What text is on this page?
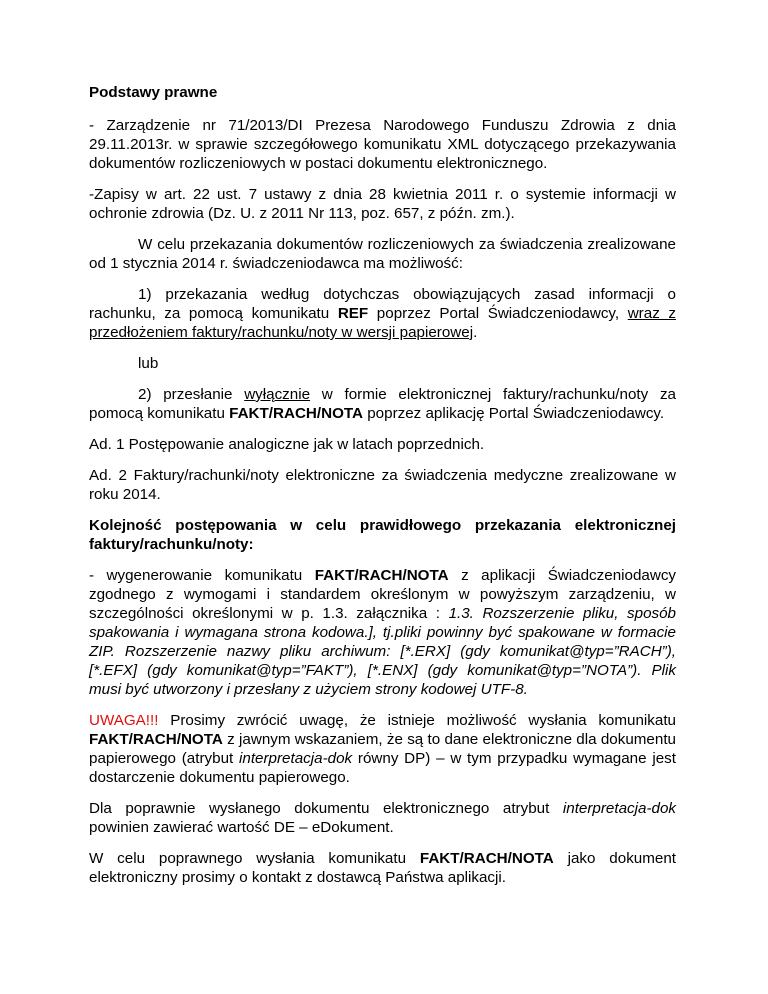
Podstawy prawne

- Zarządzenie nr 71/2013/DI Prezesa Narodowego Funduszu Zdrowia z dnia 29.11.2013r. w sprawie szczegółowego komunikatu XML dotyczącego przekazywania dokumentów rozliczeniowych w postaci dokumentu elektronicznego.

-Zapisy w art. 22 ust. 7 ustawy z dnia 28 kwietnia 2011 r. o systemie informacji w ochronie zdrowia (Dz. U. z 2011 Nr 113, poz. 657, z późn. zm.).

W celu przekazania dokumentów rozliczeniowych za świadczenia zrealizowane od 1 stycznia 2014 r. świadczeniodawca ma możliwość:

1) przekazania według dotychczas obowiązujących zasad informacji o rachunku, za pomocą komunikatu REF poprzez Portal Świadczeniodawcy, wraz z przedłożeniem faktury/rachunku/noty w wersji papierowej.

lub

2) przesłanie wyłącznie w formie elektronicznej faktury/rachunku/noty za pomocą komunikatu FAKT/RACH/NOTA poprzez aplikację Portal Świadczeniodawcy.

Ad. 1 Postępowanie analogiczne jak w latach poprzednich.

Ad. 2 Faktury/rachunki/noty elektroniczne za świadczenia medyczne zrealizowane w roku 2014.

Kolejność postępowania w celu prawidłowego przekazania elektronicznej faktury/rachunku/noty:

- wygenerowanie komunikatu FAKT/RACH/NOTA z aplikacji Świadczeniodawcy zgodnego z wymogami i standardem określonym w powyższym zarządzeniu, w szczególności określonymi w p. 1.3. załącznika : 1.3. Rozszerzenie pliku, sposób spakowania i wymagana strona kodowa.], tj.pliki powinny być spakowane w formacie ZIP. Rozszerzenie nazwy pliku archiwum: [*.ERX] (gdy komunikat@typ=”RACH”), [*.EFX] (gdy komunikat@typ=”FAKT”), [*.ENX] (gdy komunikat@typ=”NOTA”). Plik musi być utworzony i przesłany z użyciem strony kodowej UTF-8.

UWAGA!!! Prosimy zwrócić uwagę, że istnieje możliwość wysłania komunikatu FAKT/RACH/NOTA z jawnym wskazaniem, że są to dane elektroniczne dla dokumentu papierowego (atrybut interpretacja-dok równy DP) – w tym przypadku wymagane jest dostarczenie dokumentu papierowego.

Dla poprawnie wysłanego dokumentu elektronicznego atrybut interpretacja-dok powinien zawierać wartość DE – eDokument.

W celu poprawnego wysłania komunikatu FAKT/RACH/NOTA jako dokument elektroniczny prosimy o kontakt z dostawcą Państwa aplikacji.
